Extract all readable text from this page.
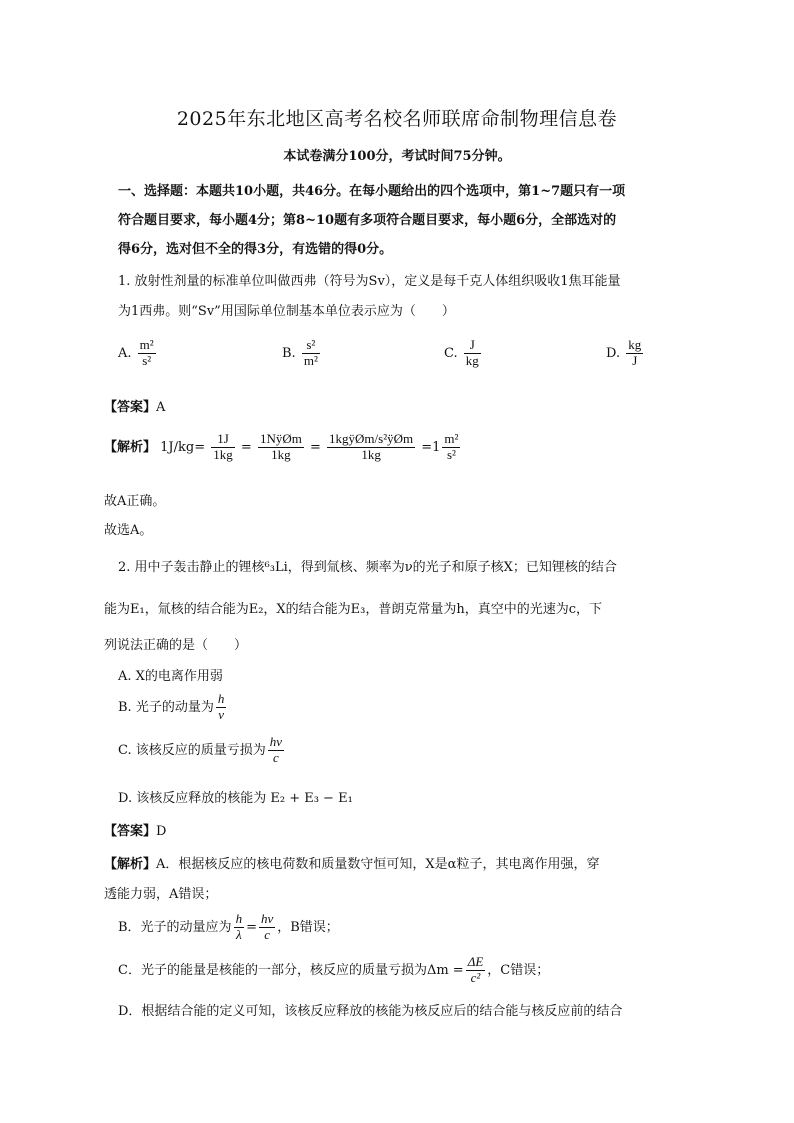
2025年东北地区高考名校名师联席命制物理信息卷
本试卷满分100分，考试时间75分钟。
一、选择题：本题共10小题，共46分。在每小题给出的四个选项中，第1~7题只有一项
符合题目要求，每小题4分；第8~10题有多项符合题目要求，每小题6分，全部选对的
得6分，选对但不全的得3分，有选错的得0分。
1. 放射性剂量的标准单位叫做西弗（符号为Sv），定义是每千克人体组织吸收1焦耳能量
为1西弗。则“Sv”用国际单位制基本单位表示应为（　　）
A. $\frac{\text{m²}}{\text{s²}}$	B. $\frac{\text{s²}}{\text{m²}}$	C. $\frac{J}{kg}$	D. $\frac{kg}{J}$
【答案】A
【解析】 $1J/kg= \frac{1J}{1kg} = \frac{\text{1NÿØm}}{1kg} = \frac{\text{1kgÿØm/s²ÿØm}}{1kg} =1 \frac{\text{m²}}{\text{s²}}$
故A正确。
故选A。
2. 用中子轰击静止的锂核⁶₃Li，得到氚核、频率为ν的光子和原子核X；已知锂核的结合
能为E₁，氚核的结合能为E₂，X的结合能为E₃，普朗克常量为h，真空中的光速为c，下
列说法正确的是（　　）
A. X的电离作用弱
B. 光子的动量为 $\frac{h}{\nu}$
C. 该核反应的质量亏损为 $\frac{h\nu}{c}$
D. 该核反应释放的核能为 E₂ + E₃ − E₁
【答案】D
【解析】A．根据核反应的核电荷数和质量数守恒可知，X是α粒子，其电离作用强，穿
透能力弱，A错误；
B．光子的动量应为 $\frac{h}{\lambda} = \frac{h\nu}{c}$ ，B错误；
C．光子的能量是核能的一部分，核反应的质量亏损为$\Delta m = \frac{\Delta E}{\text{c²}}$ ，C错误；
D．根据结合能的定义可知，该核反应释放的核能为核反应后的结合能与核反应前的结合
